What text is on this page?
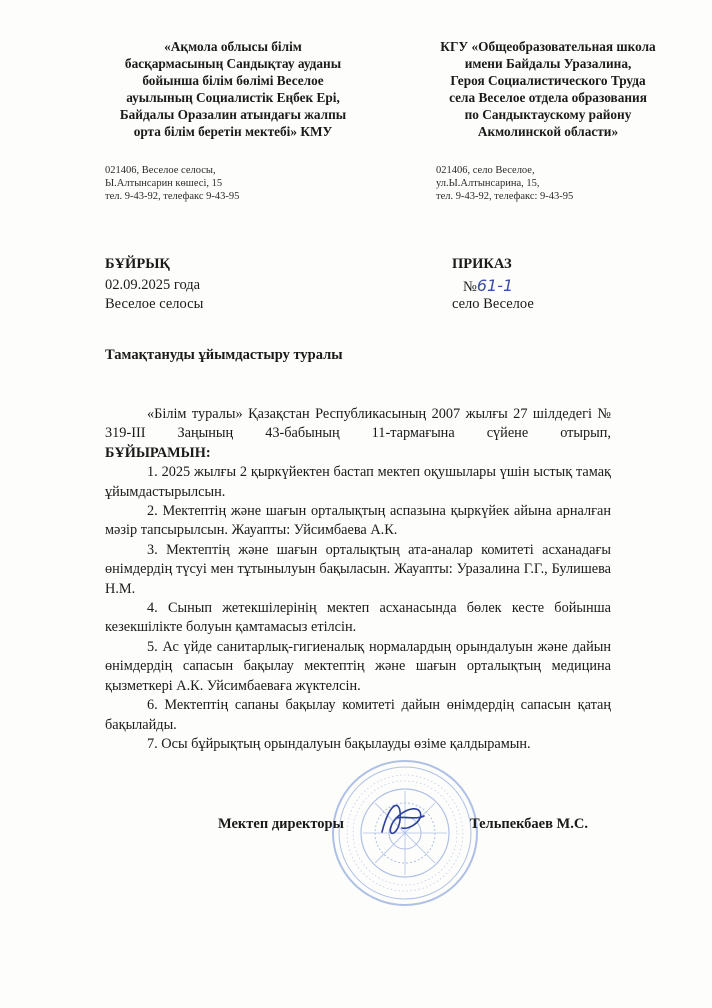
«Ақмола облысы білім
басқармасының Сандықтау ауданы
бойынша білім бөлімі Веселое
ауылының Социалистік Еңбек Ері,
Байдалы Оразалин атындағы жалпы
орта білім беретін мектебі» КМУ
КГУ «Общеобразовательная школа
имени Байдалы Уразалина,
Героя Социалистического Труда
села Веселое отдела образования
по Сандыктаускому району
Акмолинской области»
021406, Веселое селосы,
Ы.Алтынсарин көшесі, 15
тел. 9-43-92, телефакс 9-43-95
021406, село Веселое,
ул.Ы.Алтынсарина, 15,
тел. 9-43-92, телефакс: 9-43-95
БҰЙРЫҚ
02.09.2025 года
Веселое селосы
ПРИКАЗ
№61-1
село Веселое
Тамақтануды ұйымдастыру туралы

«Білім туралы» Қазақстан Республикасының 2007 жылғы 27 шілдедегі № 319-III Заңының 43-бабының 11-тармағына сүйене отырып,

БҰЙЫРАМЫН:

1. 2025 жылғы 2 қыркүйектен бастап мектеп оқушылары үшін ыстық тамақ ұйымдастырылсын.

2. Мектептің және шағын орталықтың аспазына қыркүйек айына арналған мәзір тапсырылсын. Жауапты: Уйсимбаева А.К.

3. Мектептің және шағын орталықтың ата-аналар комитеті асханадағы өнімдердің түсуі мен тұтынылуын бақыласын. Жауапты: Уразалина Г.Г., Булишева Н.М.

4. Сынып жетекшілерінің мектеп асханасында бөлек кесте бойынша кезекшілікте болуын қамтамасыз етілсін.

5. Ас үйде санитарлық-гигиеналық нормалардың орындалуын және дайын өнімдердің сапасын бақылау мектептің және шағын орталықтың медицина қызметкері А.К. Уйсимбаеваға жүктелсін.

6. Мектептің сапаны бақылау комитеті дайын өнімдердің сапасын қатаң бақылайды.

7. Осы бұйрықтың орындалуын бақылауды өзіме қалдырамын.

Мектеп директоры	Тельпекбаев М.С.
